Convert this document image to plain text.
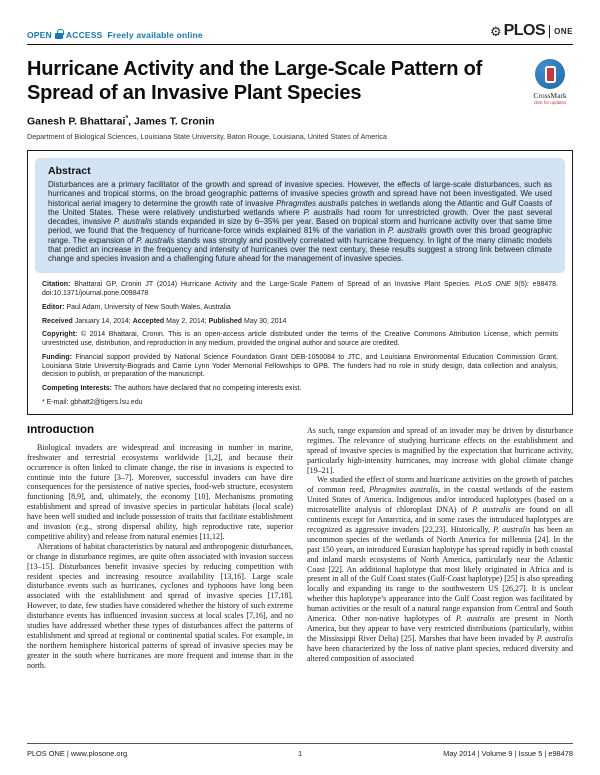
OPEN ACCESS Freely available online	⚙ PLOS ONE
Hurricane Activity and the Large-Scale Pattern of Spread of an Invasive Plant Species	CrossMark
click for updates
Ganesh P. Bhattarai*, James T. Cronin
Department of Biological Sciences, Louisiana State University, Baton Rouge, Louisiana, United States of America
Abstract

Disturbances are a primary facilitator of the growth and spread of invasive species. However, the effects of large-scale disturbances, such as hurricanes and tropical storms, on the broad geographic patterns of invasive species growth and spread have not been investigated. We used historical aerial imagery to determine the growth rate of invasive Phragmites australis patches in wetlands along the Atlantic and Gulf Coasts of the United States. These were relatively undisturbed wetlands where P. australis had room for unrestricted growth. Over the past several decades, invasive P. australis stands expanded in size by 6–35% per year. Based on tropical storm and hurricane activity over that same time period, we found that the frequency of hurricane-force winds explained 81% of the variation in P. australis growth over this broad geographic range. The expansion of P. australis stands was strongly and positively correlated with hurricane frequency. In light of the many climatic models that predict an increase in the frequency and intensity of hurricanes over the next century, these results suggest a strong link between climate change and species invasion and a challenging future ahead for the management of invasive species.

Citation: Bhattarai GP, Cronin JT (2014) Hurricane Activity and the Large-Scale Pattern of Spread of an Invasive Plant Species. PLoS ONE 9(5): e98478. doi:10.1371/journal.pone.0098478

Editor: Paul Adam, University of New South Wales, Australia

Received January 14, 2014; Accepted May 2, 2014; Published May 30, 2014

Copyright: © 2014 Bhattarai, Cronin. This is an open-access article distributed under the terms of the Creative Commons Attribution License, which permits unrestricted use, distribution, and reproduction in any medium, provided the original author and source are credited.

Funding: Financial support provided by National Science Foundation Grant DEB-1050084 to JTC, and Louisiana Environmental Education Commission Grant, Louisiana State University-Biograds and Carrie Lynn Yoder Memorial Fellowships to GPB. The funders had no role in study design, data collection and analysis, decision to publish, or preparation of the manuscript.

Competing Interests: The authors have declared that no competing interests exist.

* E-mail: gbhatt2@tigers.lsu.edu

Introduction

Biological invaders are widespread and increasing in number in marine, freshwater and terrestrial ecosystems worldwide [1,2], and because their occurrence is often linked to climate change, the rise in invasions is expected to continue into the future [3–7]. Moreover, successful invaders can have dire consequences for the persistence of native species, food-web structure, ecosystem functioning [8,9], and, ultimately, the economy [10]. Mechanisms promoting establishment and spread of invasive species in particular habitats (local scale) have been well studied and include possession of traits that facilitate establishment and invasion (e.g., strong dispersal ability, high reproductive rate, superior competitive ability) and release from natural enemies [11,12].

Alterations of habitat characteristics by natural and anthropogenic disturbances, or change in disturbance regimes, are quite often associated with invasion success [13–15]. Disturbances benefit invasive species by reducing competition with resident species and increasing resource availability [13,16]. Large scale disturbance events such as hurricanes, cyclones and typhoons have long been associated with the establishment and spread of invasive species [17,18]. However, to date, few studies have considered whether the history of such extreme disturbance events has influenced invasion success at local scales [7,16], and no studies have addressed whether these types of disturbances affect the patterns of establishment and spread at regional or continental spatial scales. For example, in the northern hemisphere historical patterns of spread of invasive species may be greater in the south where hurricanes are more frequent and intense than in the north.

As such, range expansion and spread of an invader may be driven by disturbance regimes. The relevance of studying hurricane effects on the establishment and spread of invasive species is magnified by the expectation that hurricane activity, particularly high-intensity hurricanes, may increase with global climate change [19–21].

We studied the effect of storm and hurricane activities on the growth of patches of common reed, Phragmites australis, in the coastal wetlands of the eastern United States of America. Indigenous and/or introduced haplotypes (based on a microsatellite analysis of chloroplast DNA) of P. australis are found on all continents except for Antarctica, and in some cases the introduced haplotypes are recognized as aggressive invaders [22,23]. Historically, P. australis has been an uncommon species of the wetlands of North America for millennia [24]. In the past 150 years, an introduced Eurasian haplotype has spread rapidly in both coastal and inland marsh ecosystems of North America, particularly near the Atlantic Coast [22]. An additional haplotype that most likely originated in Africa and is present in all of the Gulf Coast states (Gulf-Coast haplotype) [25] is also spreading locally and expanding its range to the southwestern US [26,27]. It is unclear whether this haplotype’s appearance into the Gulf Coast region was facilitated by human activities or the result of a natural range expansion from Central and South America. Other non-native haplotypes of P. australis are present in North America, but they appear to have very restricted distributions (particularly, within the Mississippi River Delta) [25]. Marshes that have been invaded by P. australis have been characterized by the loss of native plant species, reduced diversity and altered composition of associated

PLOS ONE | www.plosone.org	1	May 2014 | Volume 9 | Issue 5 | e98478
